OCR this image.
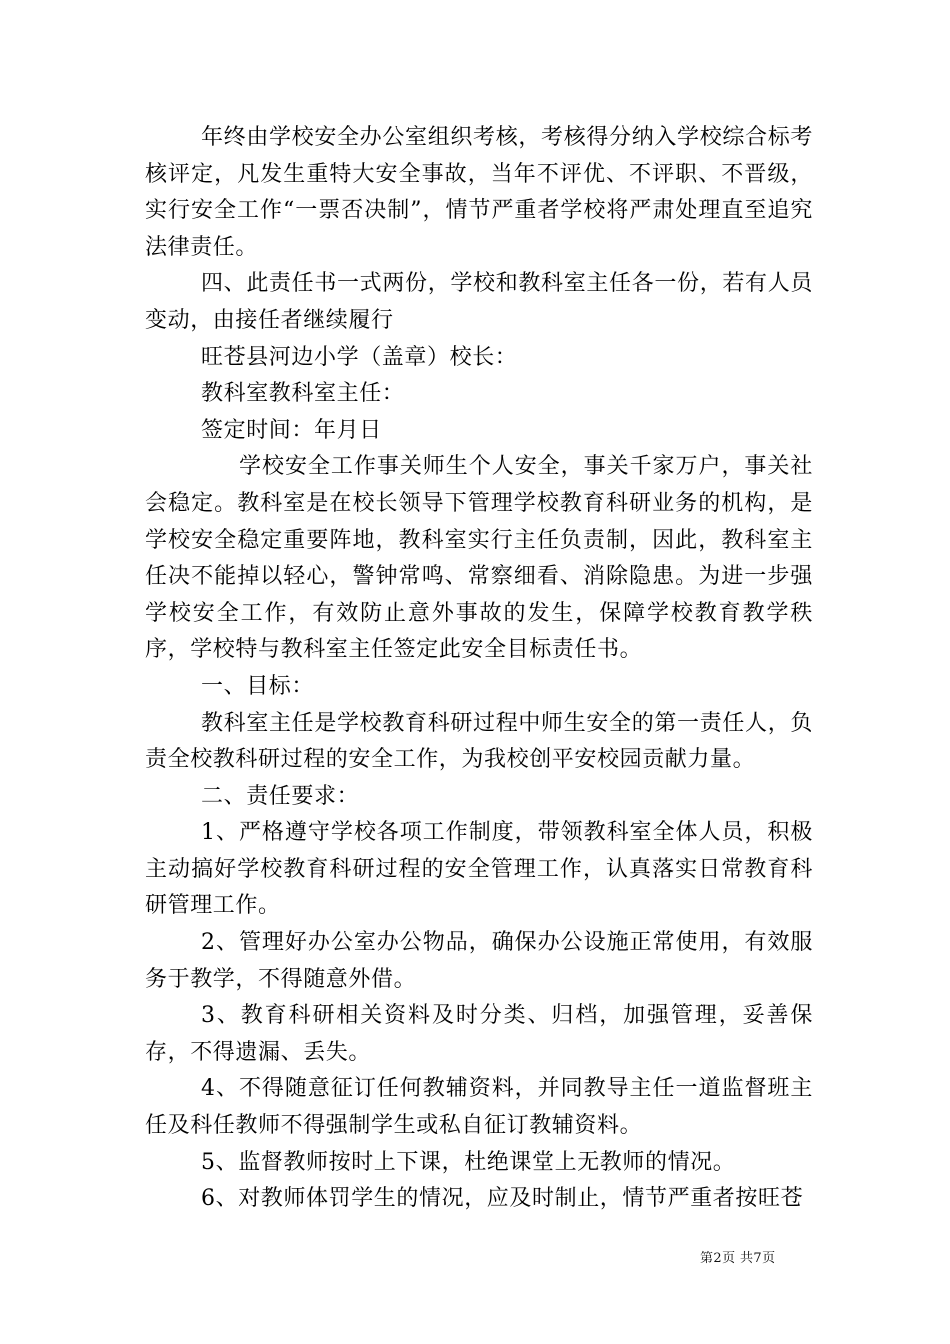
年终由学校安全办公室组织考核，考核得分纳入学校综合标考核评定，凡发生重特大安全事故，当年不评优、不评职、不晋级，实行安全工作“一票否决制”，情节严重者学校将严肃处理直至追究法律责任。

四、此责任书一式两份，学校和教科室主任各一份，若有人员变动，由接任者继续履行

旺苍县河边小学（盖章）校长：

教科室教科室主任：

签定时间：年月日

学校安全工作事关师生个人安全，事关千家万户，事关社会稳定。教科室是在校长领导下管理学校教育科研业务的机构，是学校安全稳定重要阵地，教科室实行主任负责制，因此，教科室主任决不能掉以轻心，警钟常鸣、常察细看、消除隐患。为进一步强学校安全工作，有效防止意外事故的发生，保障学校教育教学秩序，学校特与教科室主任签定此安全目标责任书。

一、目标：

教科室主任是学校教育科研过程中师生安全的第一责任人，负责全校教科研过程的安全工作，为我校创平安校园贡献力量。

二、责任要求：

1、严格遵守学校各项工作制度，带领教科室全体人员，积极主动搞好学校教育科研过程的安全管理工作，认真落实日常教育科研管理工作。

2、管理好办公室办公物品，确保办公设施正常使用，有效服务于教学，不得随意外借。

3、教育科研相关资料及时分类、归档，加强管理，妥善保存，不得遗漏、丢失。

4、不得随意征订任何教辅资料，并同教导主任一道监督班主任及科任教师不得强制学生或私自征订教辅资料。

5、监督教师按时上下课，杜绝课堂上无教师的情况。

6、对教师体罚学生的情况，应及时制止，情节严重者按旺苍

第2页 共7页
